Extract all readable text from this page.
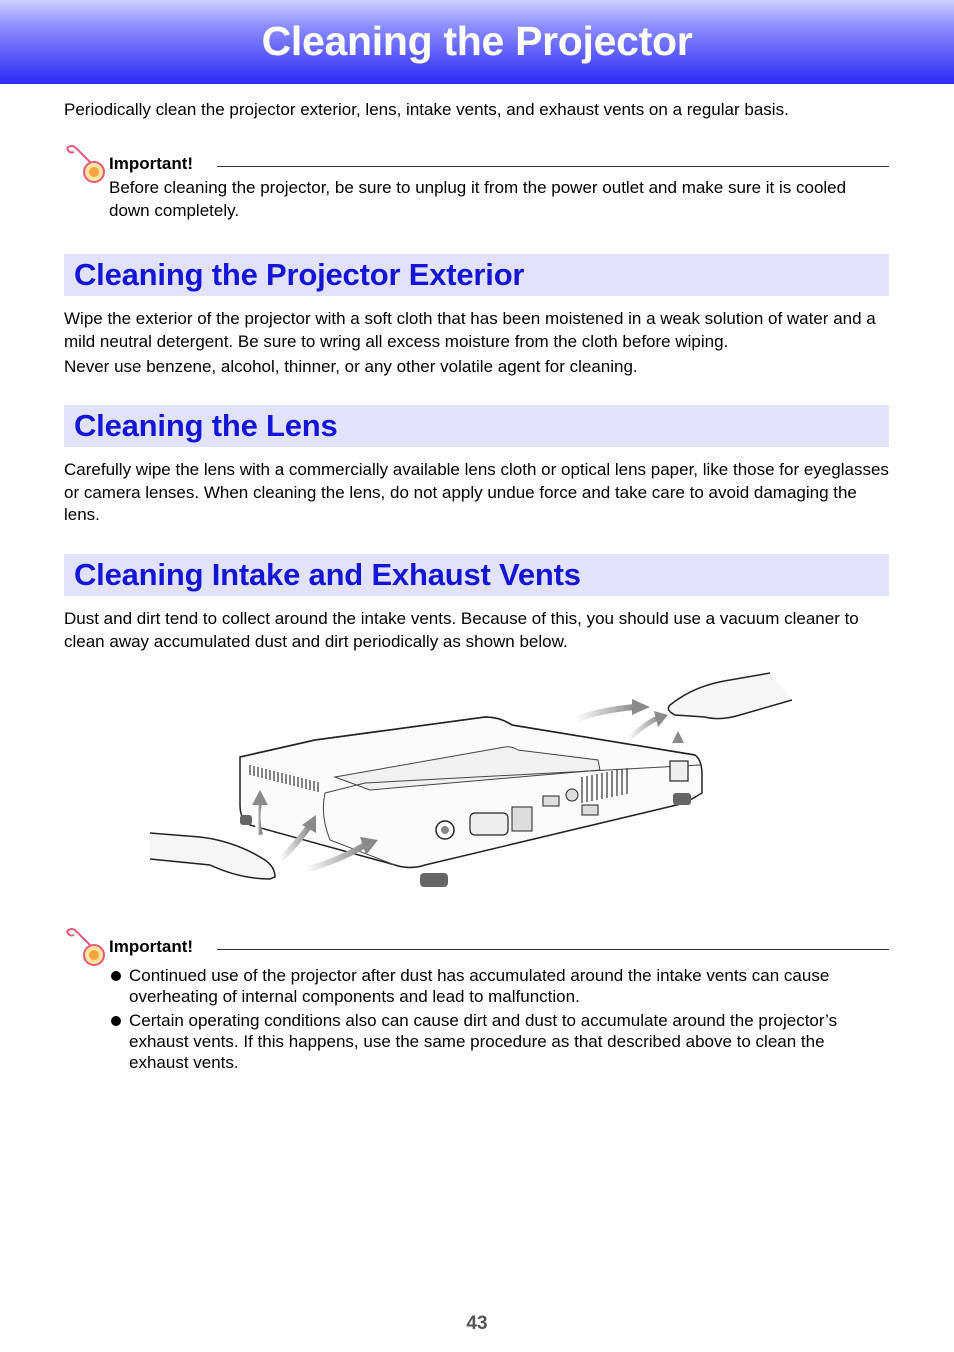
Cleaning the Projector

Periodically clean the projector exterior, lens, intake vents, and exhaust vents on a regular basis.

Important!
Before cleaning the projector, be sure to unplug it from the power outlet and make sure it is cooled down completely.
Cleaning the Projector Exterior

Wipe the exterior of the projector with a soft cloth that has been moistened in a weak solution of water and a mild neutral detergent. Be sure to wring all excess moisture from the cloth before wiping.

Never use benzene, alcohol, thinner, or any other volatile agent for cleaning.

Cleaning the Lens

Carefully wipe the lens with a commercially available lens cloth or optical lens paper, like those for eyeglasses or camera lenses. When cleaning the lens, do not apply undue force and take care to avoid damaging the lens.

Cleaning Intake and Exhaust Vents

Dust and dirt tend to collect around the intake vents. Because of this, you should use a vacuum cleaner to clean away accumulated dust and dirt periodically as shown below.

Important!
Continued use of the projector after dust has accumulated around the intake vents can cause overheating of internal components and lead to malfunction.
Certain operating conditions also can cause dirt and dust to accumulate around the projector’s exhaust vents. If this happens, use the same procedure as that described above to clean the exhaust vents.
43
